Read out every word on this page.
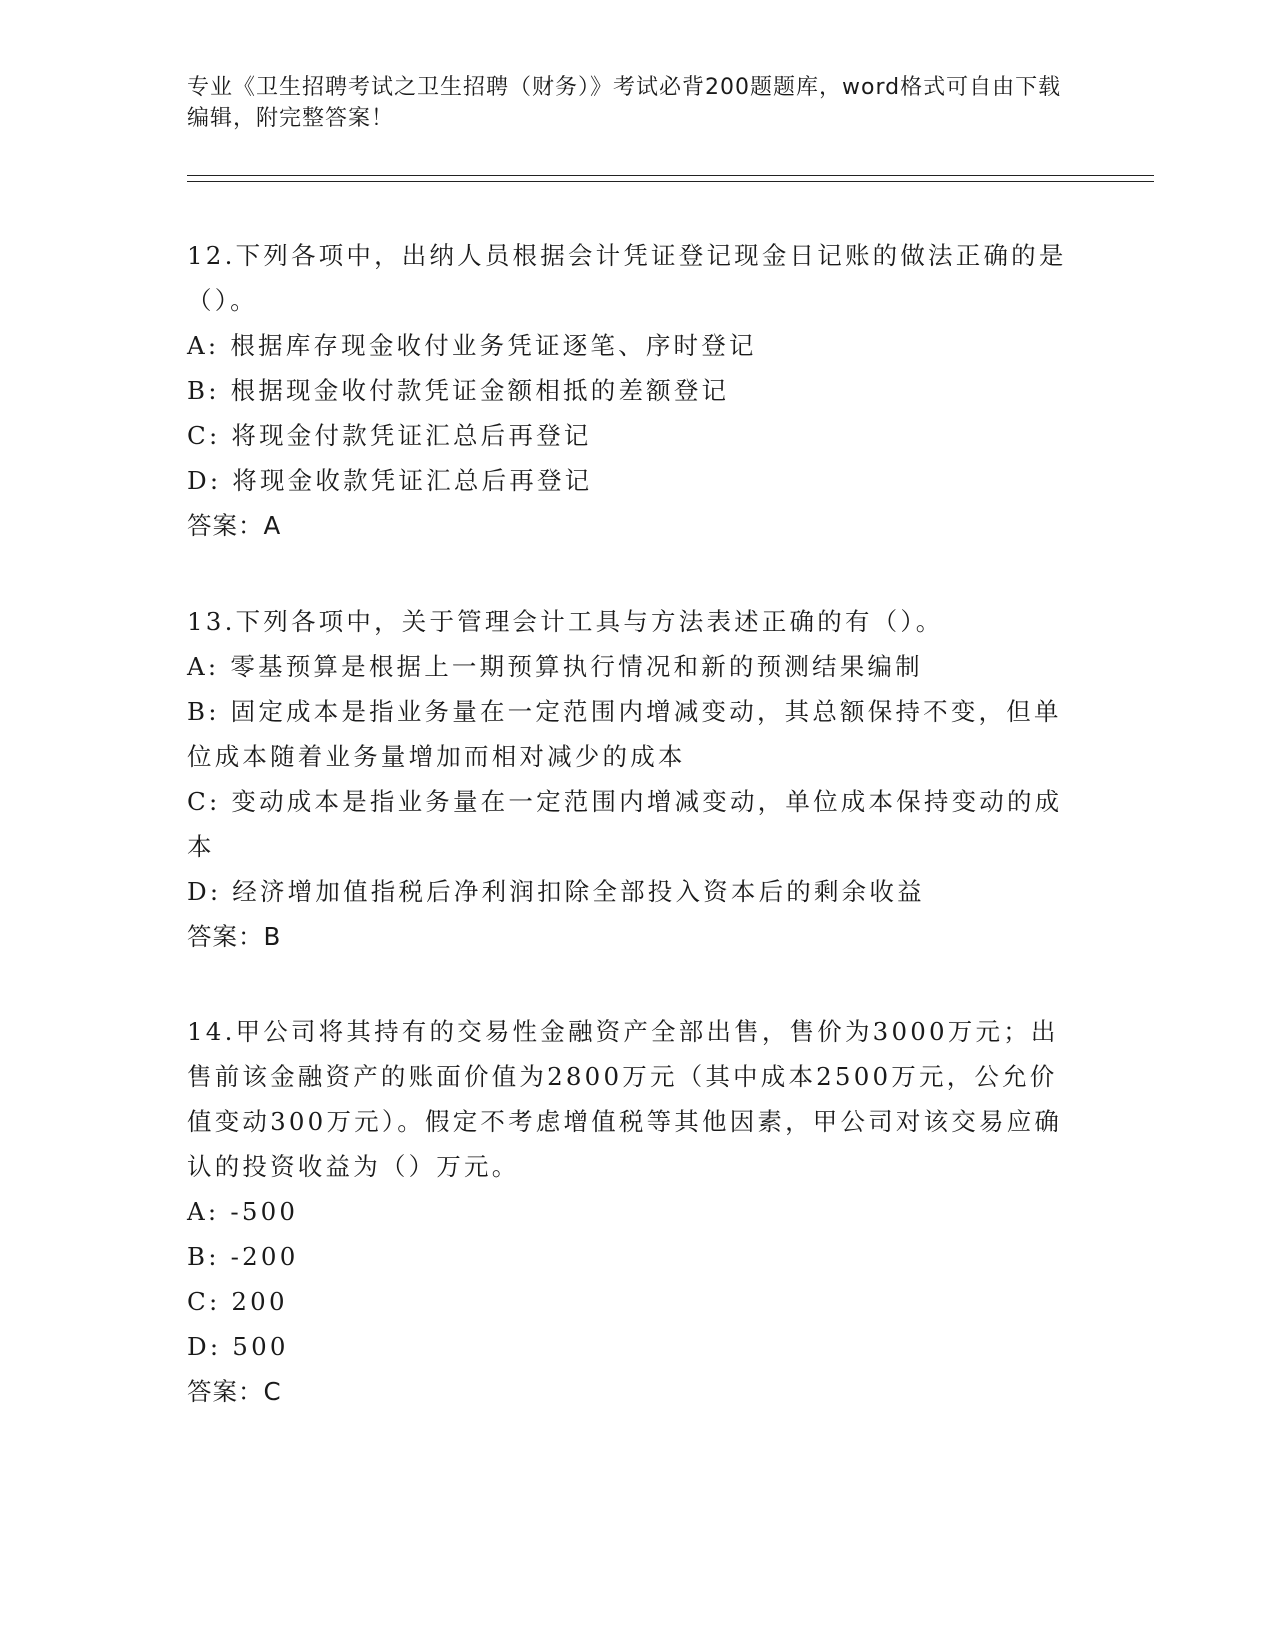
专业《卫生招聘考试之卫生招聘（财务）》考试必背200题题库，word格式可自由下载编辑，附完整答案！
12.下列各项中，出纳人员根据会计凭证登记现金日记账的做法正确的是（）。
A: 根据库存现金收付业务凭证逐笔、序时登记
B: 根据现金收付款凭证金额相抵的差额登记
C: 将现金付款凭证汇总后再登记
D: 将现金收款凭证汇总后再登记
答案：A
13.下列各项中，关于管理会计工具与方法表述正确的有（）。
A: 零基预算是根据上一期预算执行情况和新的预测结果编制
B: 固定成本是指业务量在一定范围内增减变动，其总额保持不变，但单位成本随着业务量增加而相对减少的成本
C: 变动成本是指业务量在一定范围内增减变动，单位成本保持变动的成本
D: 经济增加值指税后净利润扣除全部投入资本后的剩余收益
答案：B
14.甲公司将其持有的交易性金融资产全部出售，售价为3000万元；出售前该金融资产的账面价值为2800万元（其中成本2500万元，公允价值变动300万元）。假定不考虑增值税等其他因素，甲公司对该交易应确认的投资收益为（）万元。
A: -500
B: -200
C: 200
D: 500
答案：C
